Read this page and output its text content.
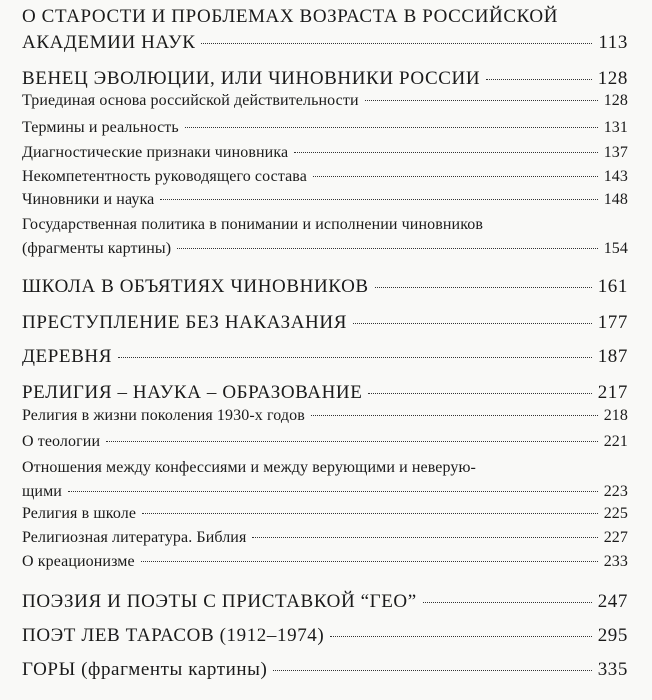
О СТАРОСТИ И ПРОБЛЕМАХ ВОЗРАСТА В РОССИЙСКОЙ
АКАДЕМИИ НАУК	113
ВЕНЕЦ ЭВОЛЮЦИИ, ИЛИ ЧИНОВНИКИ РОССИИ	128
Триединая основа российской действительности	128
Термины и реальность	131
Диагностические признаки чиновника	137
Некомпетентность руководящего состава	143
Чиновники и наука	148
Государственная политика в понимании и исполнении чиновников
(фрагменты картины)	154
ШКОЛА В ОБЪЯТИЯХ ЧИНОВНИКОВ	161
ПРЕСТУПЛЕНИЕ БЕЗ НАКАЗАНИЯ	177
ДЕРЕВНЯ	187
РЕЛИГИЯ – НАУКА – ОБРАЗОВАНИЕ	217
Религия в жизни поколения 1930-х годов	218
О теологии	221
Отношения между конфессиями и между верующими и неверую-
щими	223
Религия в школе	225
Религиозная литература. Библия	227
О креационизме	233
ПОЭЗИЯ И ПОЭТЫ С ПРИСТАВКОЙ “ГЕО”	247
ПОЭТ ЛЕВ ТАРАСОВ (1912–1974)	295
ГОРЫ (фрагменты картины)	335
